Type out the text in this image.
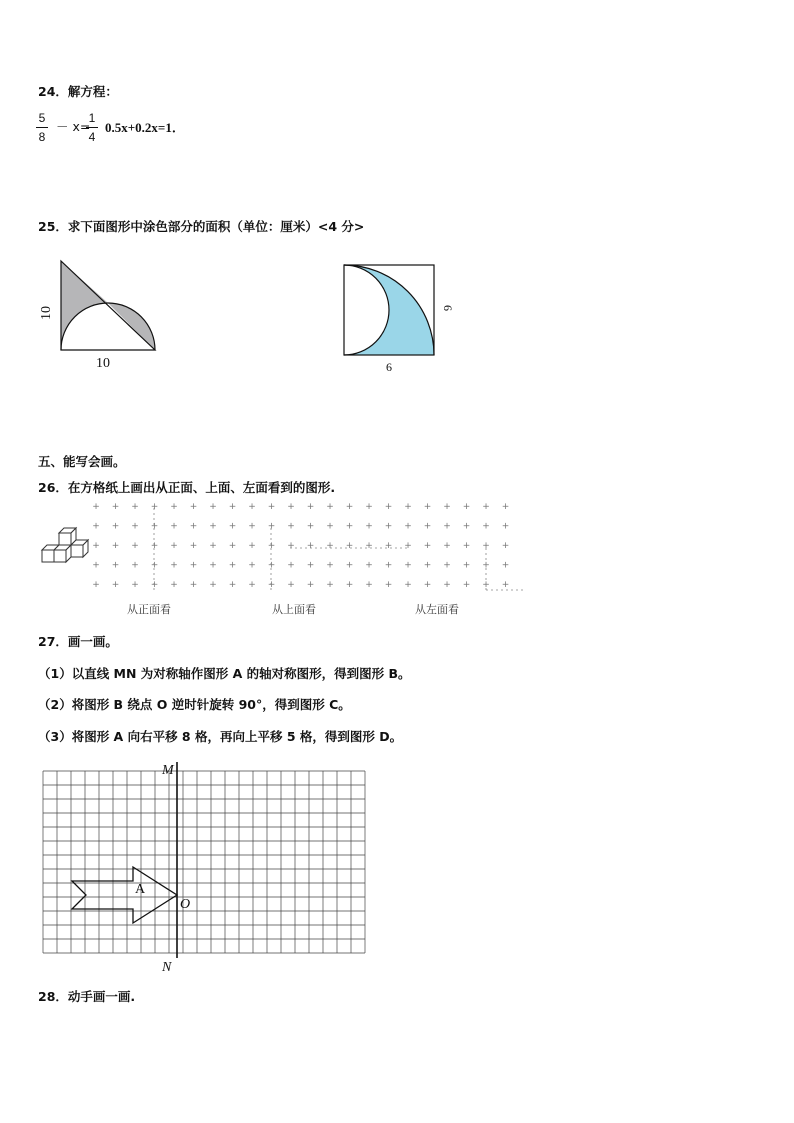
24．解方程：
5
8
－ x=
1
4
0.5x+0.2x=1．
25．求下面图形中涂色部分的面积（单位：厘米）<4 分>
10
10
6
6
五、能写会画。
26．在方格纸上画出从正面、上面、左面看到的图形.
+ + + + + + + + + + + + + + + + + + + + + +
+ + + + + + + + + + + + + + + + + + + + + +
+ + + + + + + + + + + + + + + + + + + + + +
+ + + + + + + + + + + + + + + + + + + + + +
+ + + + + + + + + + + + + + + + + + + + + +
从正面看	从上面看	从左面看
27．画一画。
（1）以直线 MN 为对称轴作图形 A 的轴对称图形，得到图形 B。
（2）将图形 B 绕点 O 逆时针旋转 90°，得到图形 C。
（3）将图形 A 向右平移 8 格，再向上平移 5 格，得到图形 D。
M
N
O
A
28．动手画一画.
